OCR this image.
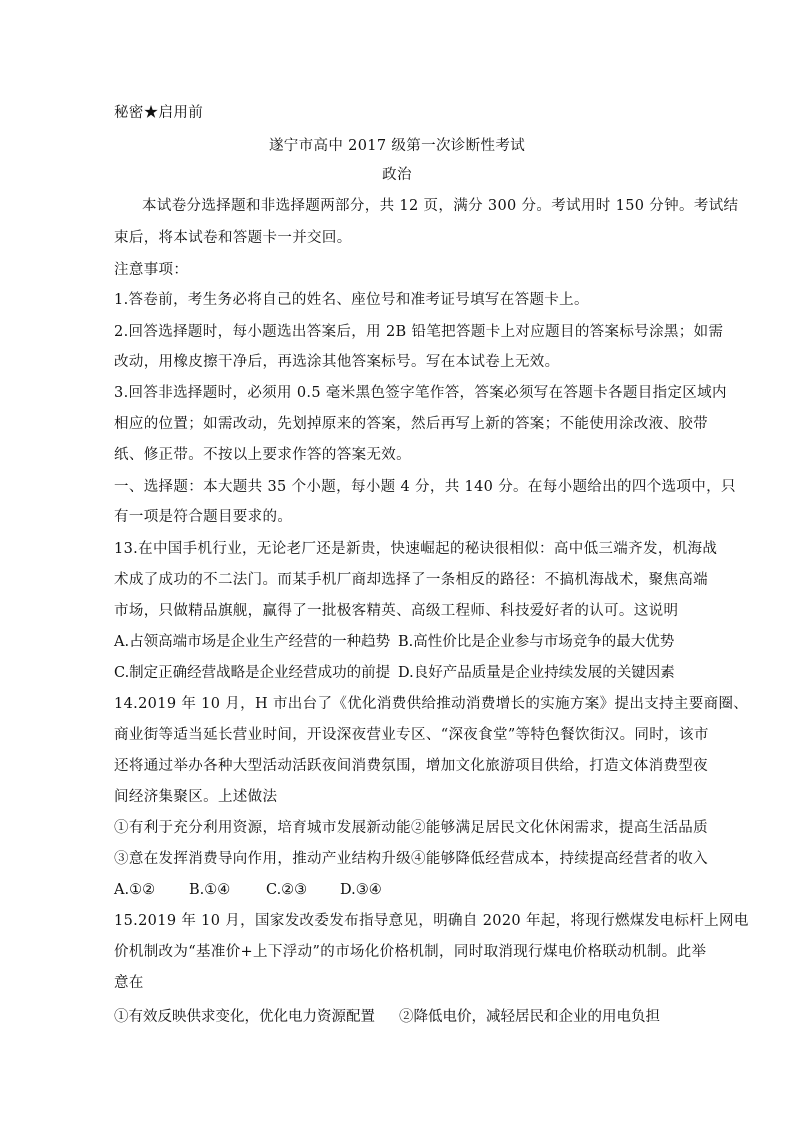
秘密★启用前
遂宁市高中 2017 级第一次诊断性考试
政治
本试卷分选择题和非选择题两部分，共 12 页，满分 300 分。考试用时 150 分钟。考试结
束后，将本试卷和答题卡一并交回。
注意事项：
1.答卷前，考生务必将自己的姓名、座位号和准考证号填写在答题卡上。
2.回答选择题时，每小题选出答案后，用 2B 铅笔把答题卡上对应题目的答案标号涂黑；如需
改动，用橡皮擦干净后，再选涂其他答案标号。写在本试卷上无效。
3.回答非选择题时，必须用 0.5 毫米黑色签字笔作答，答案必须写在答题卡各题目指定区域内
相应的位置；如需改动，先划掉原来的答案，然后再写上新的答案；不能使用涂改液、胶带
纸、修正带。不按以上要求作答的答案无效。
一、选择题：本大题共 35 个小题，每小题 4 分，共 140 分。在每小题给出的四个选项中，只
有一项是符合题目要求的。
13.在中国手机行业，无论老厂还是新贵，快速崛起的秘诀很相似：高中低三端齐发，机海战
术成了成功的不二法门。而某手机厂商却选择了一条相反的路径：不搞机海战术，聚焦高端
市场，只做精品旗舰，赢得了一批极客精英、高级工程师、科技爱好者的认可。这说明
A.占领高端市场是企业生产经营的一种趋势 B.高性价比是企业参与市场竞争的最大优势
C.制定正确经营战略是企业经营成功的前提 D.良好产品质量是企业持续发展的关键因素
14.2019 年 10 月，H 市出台了《优化消费供给推动消费增长的实施方案》提出支持主要商圈、
商业街等适当延长营业时间，开设深夜营业专区、“深夜食堂”等特色餐饮街汉。同时，该市
还将通过举办各种大型活动活跃夜间消费氛围，增加文化旅游项目供给，打造文体消费型夜
间经济集聚区。上述做法
①有利于充分利用资源，培育城市发展新动能②能够满足居民文化休闲需求，提高生活品质
③意在发挥消费导向作用，推动产业结构升级④能够降低经营成本，持续提高经营者的收入
A.①② B.①④ C.②③ D.③④
15.2019 年 10 月，国家发改委发布指导意见，明确自 2020 年起，将现行燃煤发电标杆上网电
价机制改为“基准价+上下浮动”的市场化价格机制，同时取消现行煤电价格联动机制。此举
意在
①有效反映供求变化，优化电力资源配置 ②降低电价，减轻居民和企业的用电负担
